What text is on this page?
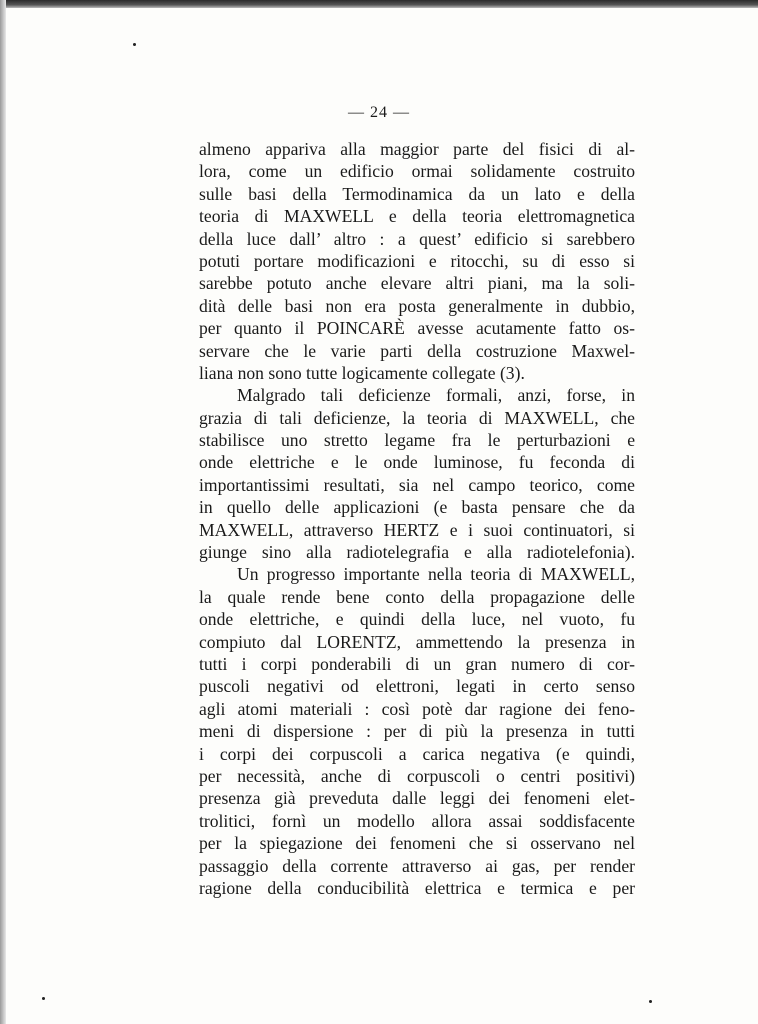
— 24 —
almeno appariva alla maggior parte del fisici di al-
lora, come un edificio ormai solidamente costruito
sulle basi della Termodinamica da un lato e della
teoria di MAXWELL e della teoria elettromagnetica
della luce dall’ altro : a quest’ edificio si sarebbero
potuti portare modificazioni e ritocchi, su di esso si
sarebbe potuto anche elevare altri piani, ma la soli-
dità delle basi non era posta generalmente in dubbio,
per quanto il POINCARÈ avesse acutamente fatto os-
servare che le varie parti della costruzione Maxwel-
liana non sono tutte logicamente collegate (3).
Malgrado tali deficienze formali, anzi, forse, in
grazia di tali deficienze, la teoria di MAXWELL, che
stabilisce uno stretto legame fra le perturbazioni e
onde elettriche e le onde luminose, fu feconda di
importantissimi resultati, sia nel campo teorico, come
in quello delle applicazioni (e basta pensare che da
MAXWELL, attraverso HERTZ e i suoi continuatori, si
giunge sino alla radiotelegrafia e alla radiotelefonia).
Un progresso importante nella teoria di MAXWELL,
la quale rende bene conto della propagazione delle
onde elettriche, e quindi della luce, nel vuoto, fu
compiuto dal LORENTZ, ammettendo la presenza in
tutti i corpi ponderabili di un gran numero di cor-
puscoli negativi od elettroni, legati in certo senso
agli atomi materiali : così potè dar ragione dei feno-
meni di dispersione : per di più la presenza in tutti
i corpi dei corpuscoli a carica negativa (e quindi,
per necessità, anche di corpuscoli o centri positivi)
presenza già preveduta dalle leggi dei fenomeni elet-
trolitici, fornì un modello allora assai soddisfacente
per la spiegazione dei fenomeni che si osservano nel
passaggio della corrente attraverso ai gas, per render
ragione della conducibilità elettrica e termica e per
